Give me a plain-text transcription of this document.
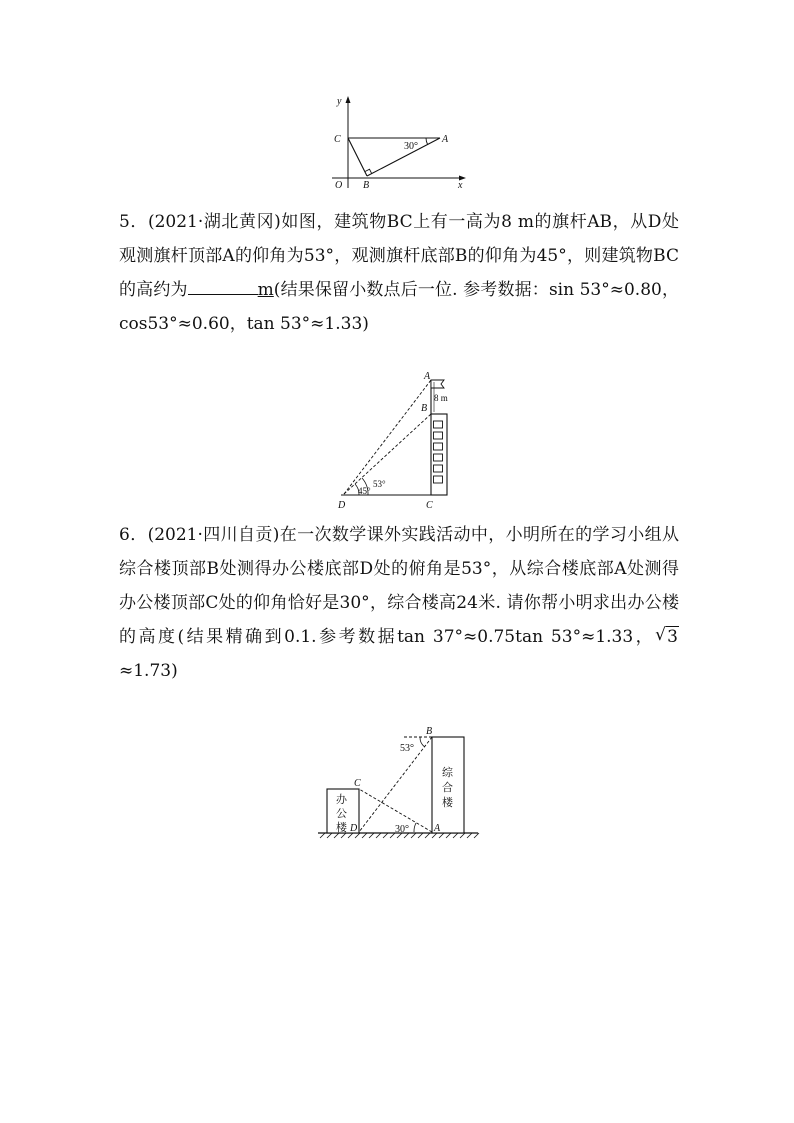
y
x
C	A
O B
30°
5．(2021·湖北黄冈)如图，建筑物BC上有一高为8 m的旗杆AB，从D处观测旗杆顶部A的仰角为53°，观测旗杆底部B的仰角为45°，则建筑物BC的高约为	m(结果保留小数点后一位. 参考数据：sin 53°≈0.80，cos53°≈0.60，tan 53°≈1.33)
A
B
D	C
8 m
53°
45°
6．(2021·四川自贡)在一次数学课外实践活动中，小明所在的学习小组从综合楼顶部B处测得办公楼底部D处的俯角是53°，从综合楼底部A处测得办公楼顶部C处的仰角恰好是30°，综合楼高24米. 请你帮小明求出办公楼的高度(结果精确到0.1.参考数据tan 37°≈0.75tan 53°≈1.33， √ 3≈1.73)
B
C
D	A
53°
30°
办
公
楼
综
合
楼
